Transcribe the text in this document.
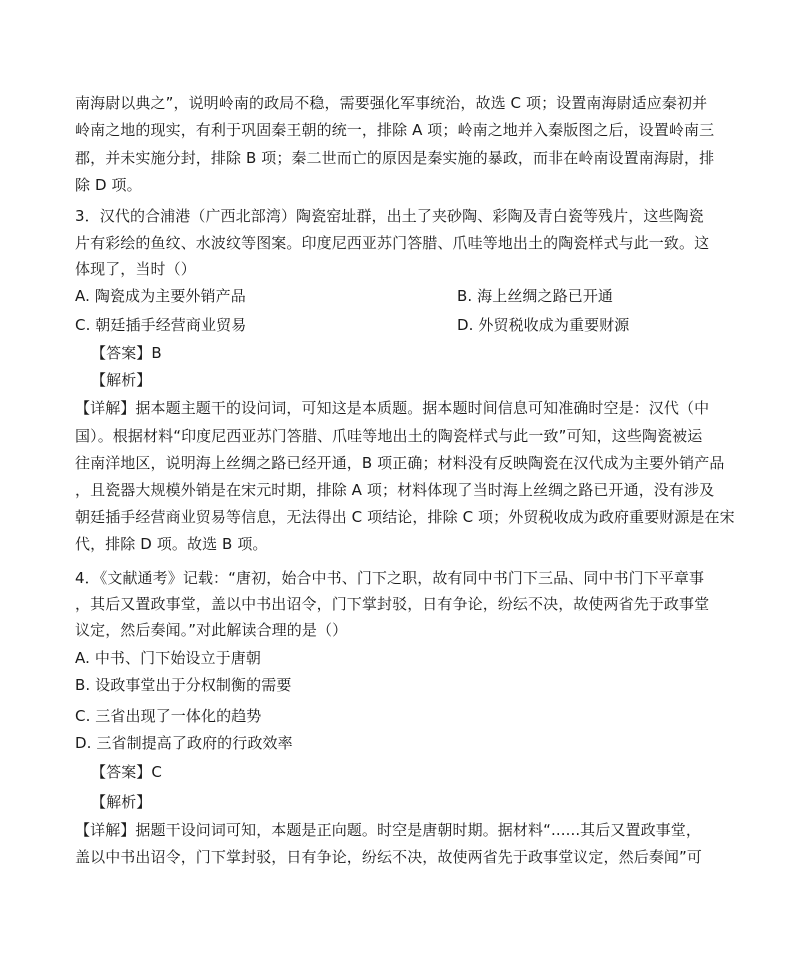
南海尉以典之”，说明岭南的政局不稳，需要强化军事统治，故选 C 项；设置南海尉适应秦初并
岭南之地的现实，有利于巩固秦王朝的统一，排除 A 项；岭南之地并入秦版图之后，设置岭南三
郡，并未实施分封，排除 B 项；秦二世而亡的原因是秦实施的暴政，而非在岭南设置南海尉，排
除 D 项。
3．汉代的合浦港（广西北部湾）陶瓷窑址群，出土了夹砂陶、彩陶及青白瓷等残片，这些陶瓷
片有彩绘的鱼纹、水波纹等图案。印度尼西亚苏门答腊、爪哇等地出土的陶瓷样式与此一致。这
体现了，当时（）
A. 陶瓷成为主要外销产品	B. 海上丝绸之路已开通
C. 朝廷插手经营商业贸易	D. 外贸税收成为重要财源
【答案】B
【解析】
【详解】据本题主题干的设问词，可知这是本质题。据本题时间信息可知准确时空是：汉代（中
国）。根据材料“印度尼西亚苏门答腊、爪哇等地出土的陶瓷样式与此一致”可知，这些陶瓷被运
往南洋地区，说明海上丝绸之路已经开通，B 项正确；材料没有反映陶瓷在汉代成为主要外销产品
，且瓷器大规模外销是在宋元时期，排除 A 项；材料体现了当时海上丝绸之路已开通，没有涉及
朝廷插手经营商业贸易等信息，无法得出 C 项结论，排除 C 项；外贸税收成为政府重要财源是在宋
代，排除 D 项。故选 B 项。
4．《文献通考》记载：“唐初，始合中书、门下之职，故有同中书门下三品、同中书门下平章事
，其后又置政事堂，盖以中书出诏令，门下掌封驳，日有争论，纷纭不决，故使两省先于政事堂
议定，然后奏闻。”对此解读合理的是（）
A. 中书、门下始设立于唐朝
B. 设政事堂出于分权制衡的需要
C. 三省出现了一体化的趋势
D. 三省制提高了政府的行政效率
【答案】C
【解析】
【详解】据题干设问词可知，本题是正向题。时空是唐朝时期。据材料“......其后又置政事堂，
盖以中书出诏令，门下掌封驳，日有争论，纷纭不决，故使两省先于政事堂议定，然后奏闻”可
